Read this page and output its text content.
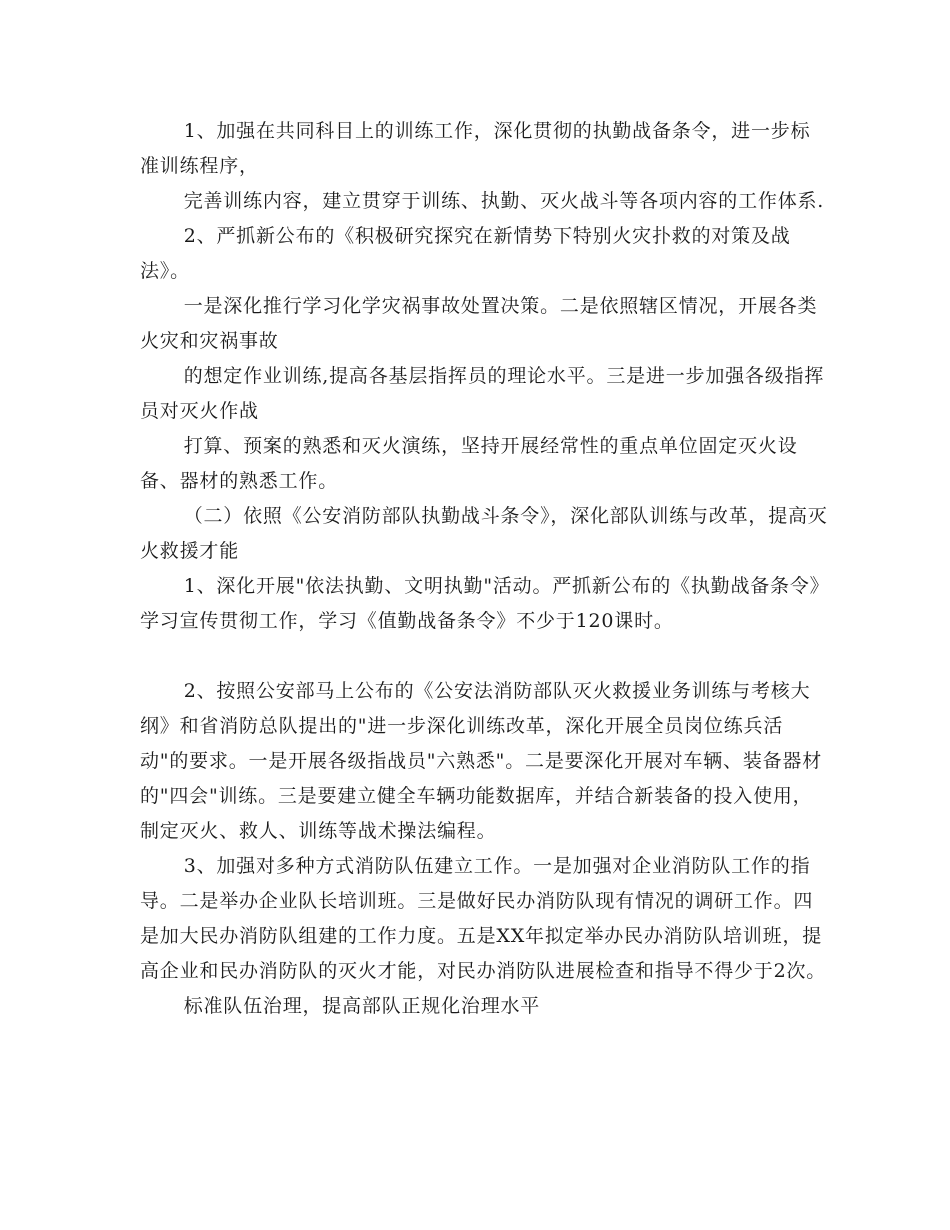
1、加强在共同科目上的训练工作，深化贯彻的执勤战备条令，进一步标准训练程序，

完善训练内容，建立贯穿于训练、执勤、灭火战斗等各项内容的工作体系.

2、严抓新公布的《积极研究探究在新情势下特别火灾扑救的对策及战法》。

一是深化推行学习化学灾祸事故处置决策。二是依照辖区情况，开展各类火灾和灾祸事故

的想定作业训练,提高各基层指挥员的理论水平。三是进一步加强各级指挥员对灭火作战

打算、预案的熟悉和灭火演练，坚持开展经常性的重点单位固定灭火设备、器材的熟悉工作。

（二）依照《公安消防部队执勤战斗条令》，深化部队训练与改革，提高灭火救援才能

1、深化开展"依法执勤、文明执勤"活动。严抓新公布的《执勤战备条令》学习宣传贯彻工作，学习《值勤战备条令》不少于120课时。

2、按照公安部马上公布的《公安法消防部队灭火救援业务训练与考核大纲》和省消防总队提出的"进一步深化训练改革，深化开展全员岗位练兵活动"的要求。一是开展各级指战员"六熟悉"。二是要深化开展对车辆、装备器材的"四会"训练。三是要建立健全车辆功能数据库，并结合新装备的投入使用，制定灭火、救人、训练等战术操法编程。

3、加强对多种方式消防队伍建立工作。一是加强对企业消防队工作的指导。二是举办企业队长培训班。三是做好民办消防队现有情况的调研工作。四是加大民办消防队组建的工作力度。五是XX年拟定举办民办消防队培训班，提高企业和民办消防队的灭火才能，对民办消防队进展检查和指导不得少于2次。

标准队伍治理，提高部队正规化治理水平
